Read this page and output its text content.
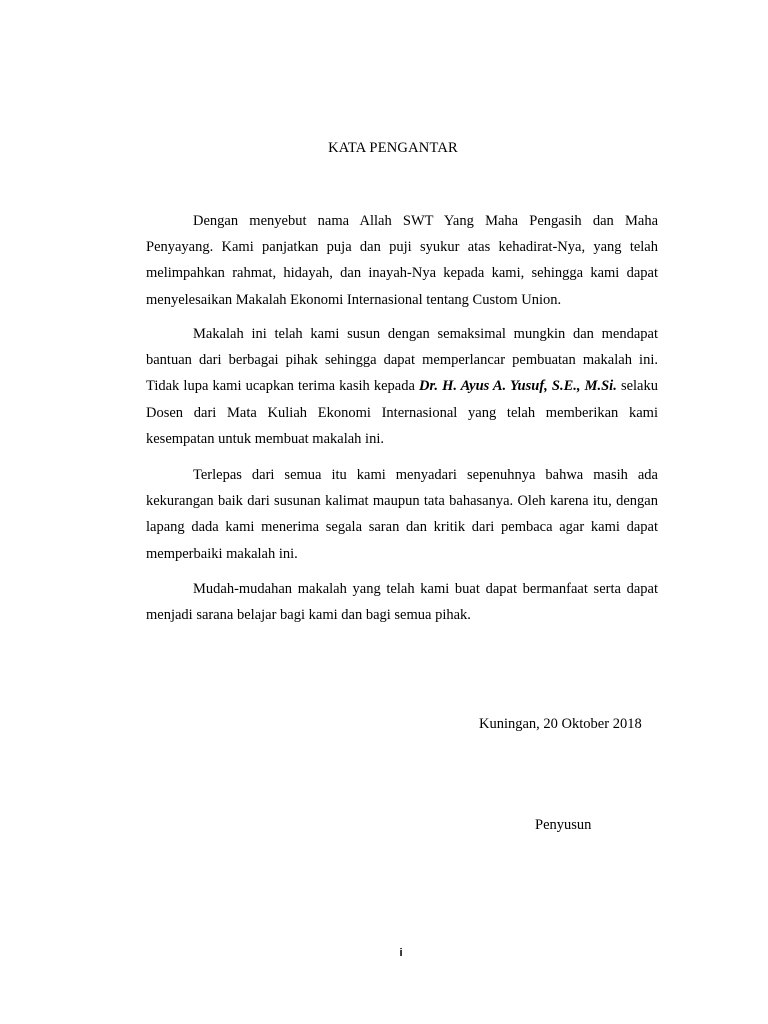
KATA PENGANTAR

Dengan menyebut nama Allah SWT Yang Maha Pengasih dan Maha Penyayang. Kami panjatkan puja dan puji syukur atas kehadirat-Nya, yang telah melimpahkan rahmat, hidayah, dan inayah-Nya kepada kami, sehingga kami dapat menyelesaikan Makalah Ekonomi Internasional tentang Custom Union.

Makalah ini telah kami susun dengan semaksimal mungkin dan mendapat bantuan dari berbagai pihak sehingga dapat memperlancar pembuatan makalah ini. Tidak lupa kami ucapkan terima kasih kepada Dr. H. Ayus A. Yusuf, S.E., M.Si. selaku Dosen dari Mata Kuliah Ekonomi Internasional yang telah memberikan kami kesempatan untuk membuat makalah ini.

Terlepas dari semua itu kami menyadari sepenuhnya bahwa masih ada kekurangan baik dari susunan kalimat maupun tata bahasanya. Oleh karena itu, dengan lapang dada kami menerima segala saran dan kritik dari pembaca agar kami dapat memperbaiki makalah ini.

Mudah-mudahan makalah yang telah kami buat dapat bermanfaat serta dapat menjadi sarana belajar bagi kami dan bagi semua pihak.

Kuningan, 20 Oktober 2018
Penyusun
i
